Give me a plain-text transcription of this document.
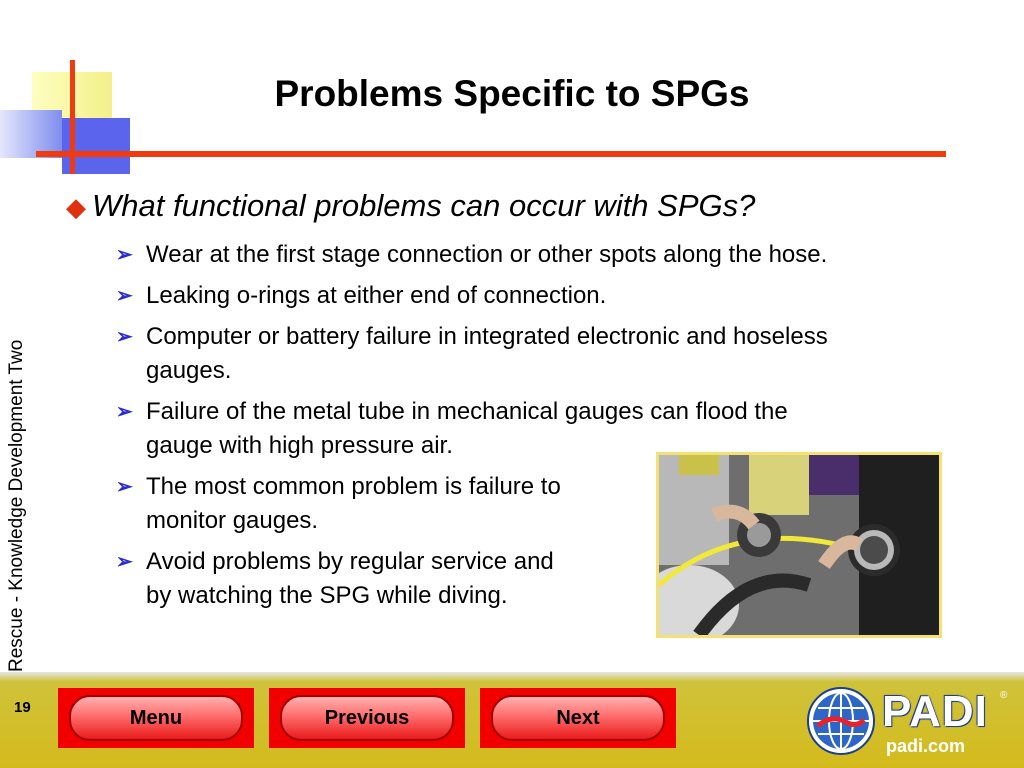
Problems Specific to SPGs
Rescue - Knowledge Development Two
◆ What functional problems can occur with SPGs?
➢ Wear at the first stage connection or other spots along the hose.
➢ Leaking o-rings at either end of connection.
➢ Computer or battery failure in integrated electronic and hoseless
gauges.
➢ Failure of the metal tube in mechanical gauges can flood the
gauge with high pressure air.
➢ The most common problem is failure to
monitor gauges.
➢ Avoid problems by regular service and
by watching the SPG while diving.
19	Menu	Previous	Next	PADI ®
padi.com
